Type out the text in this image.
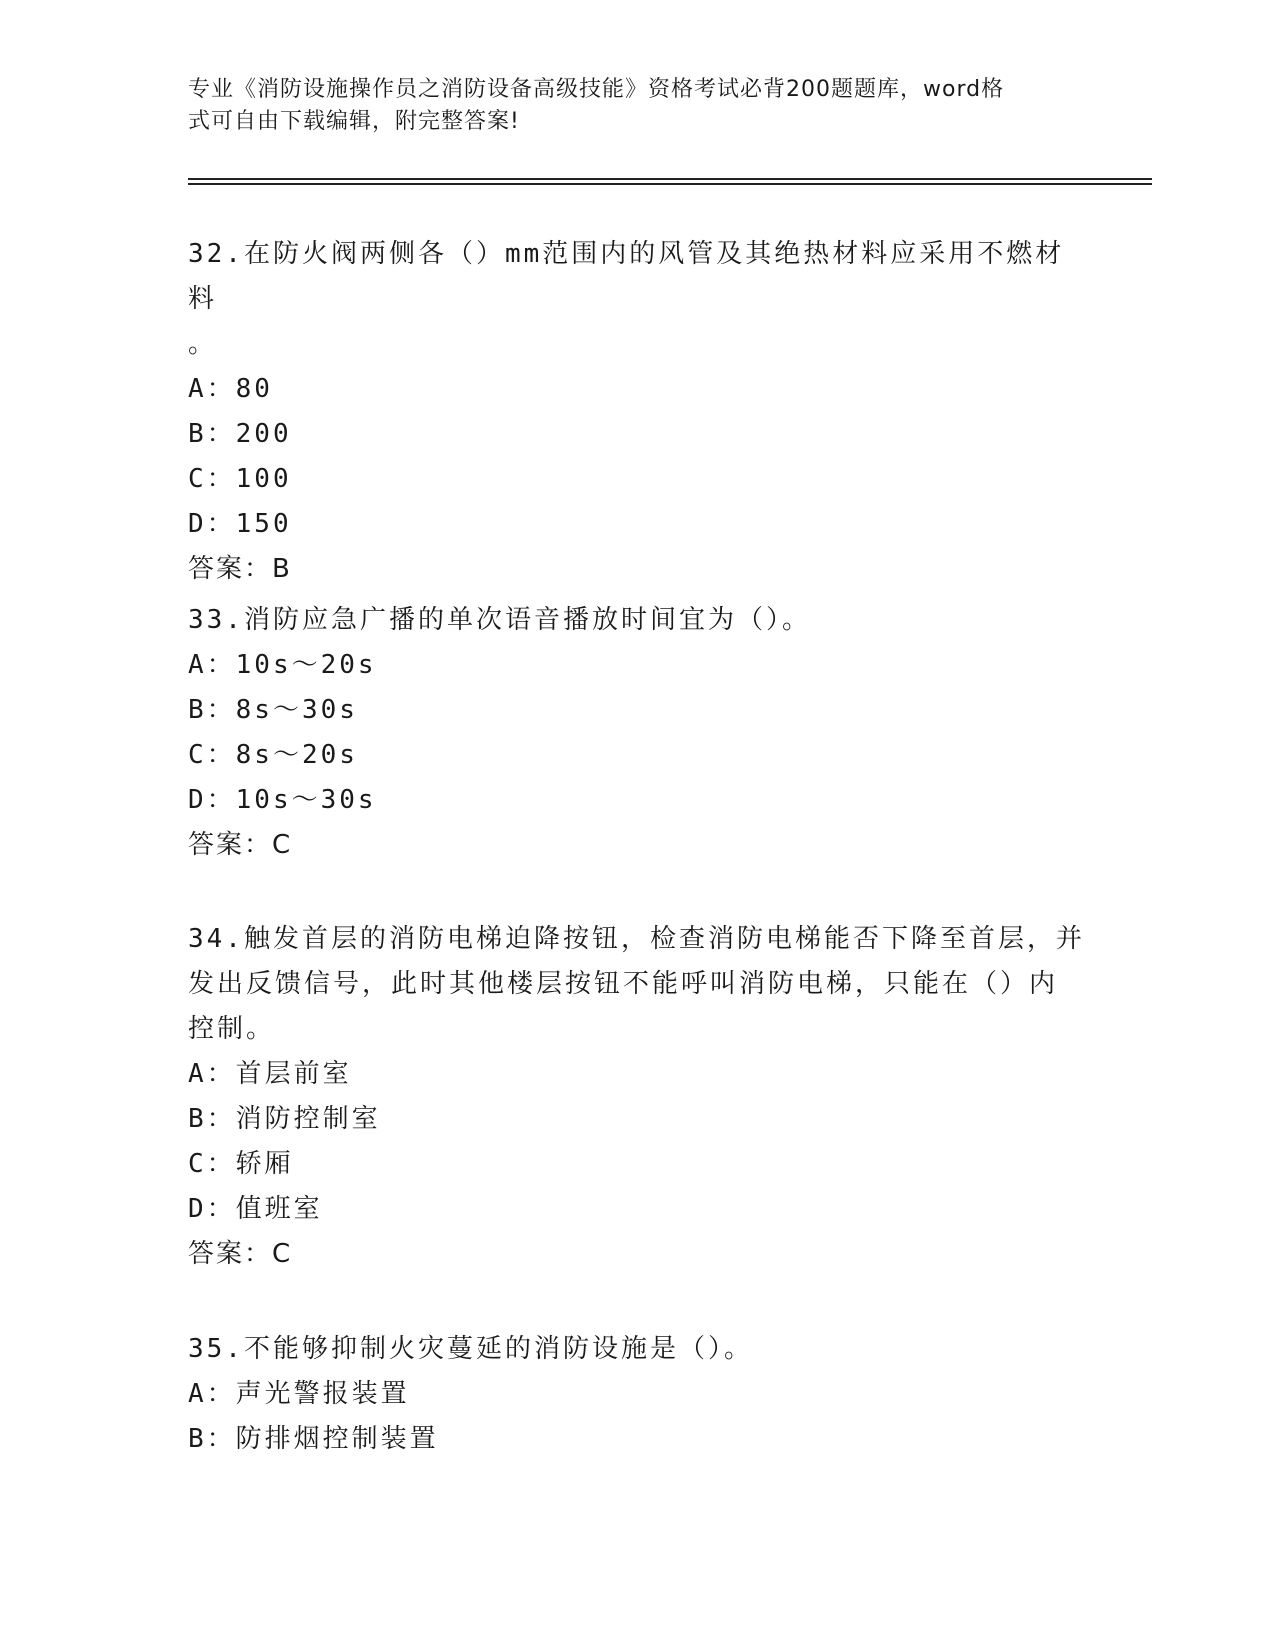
专业《消防设施操作员之消防设备高级技能》资格考试必背200题题库，word格
式可自由下载编辑，附完整答案!
32.在防火阀两侧各（）mm范围内的风管及其绝热材料应采用不燃材料
。
A：80
B：200
C：100
D：150
答案：B
33.消防应急广播的单次语音播放时间宜为（）。
A：10s～20s
B：8s～30s
C：8s～20s
D：10s～30s
答案：C
34.触发首层的消防电梯迫降按钮，检查消防电梯能否下降至首层，并
发出反馈信号，此时其他楼层按钮不能呼叫消防电梯，只能在（）内
控制。
A：首层前室
B：消防控制室
C：轿厢
D：值班室
答案：C
35.不能够抑制火灾蔓延的消防设施是（）。
A：声光警报装置
B：防排烟控制装置
